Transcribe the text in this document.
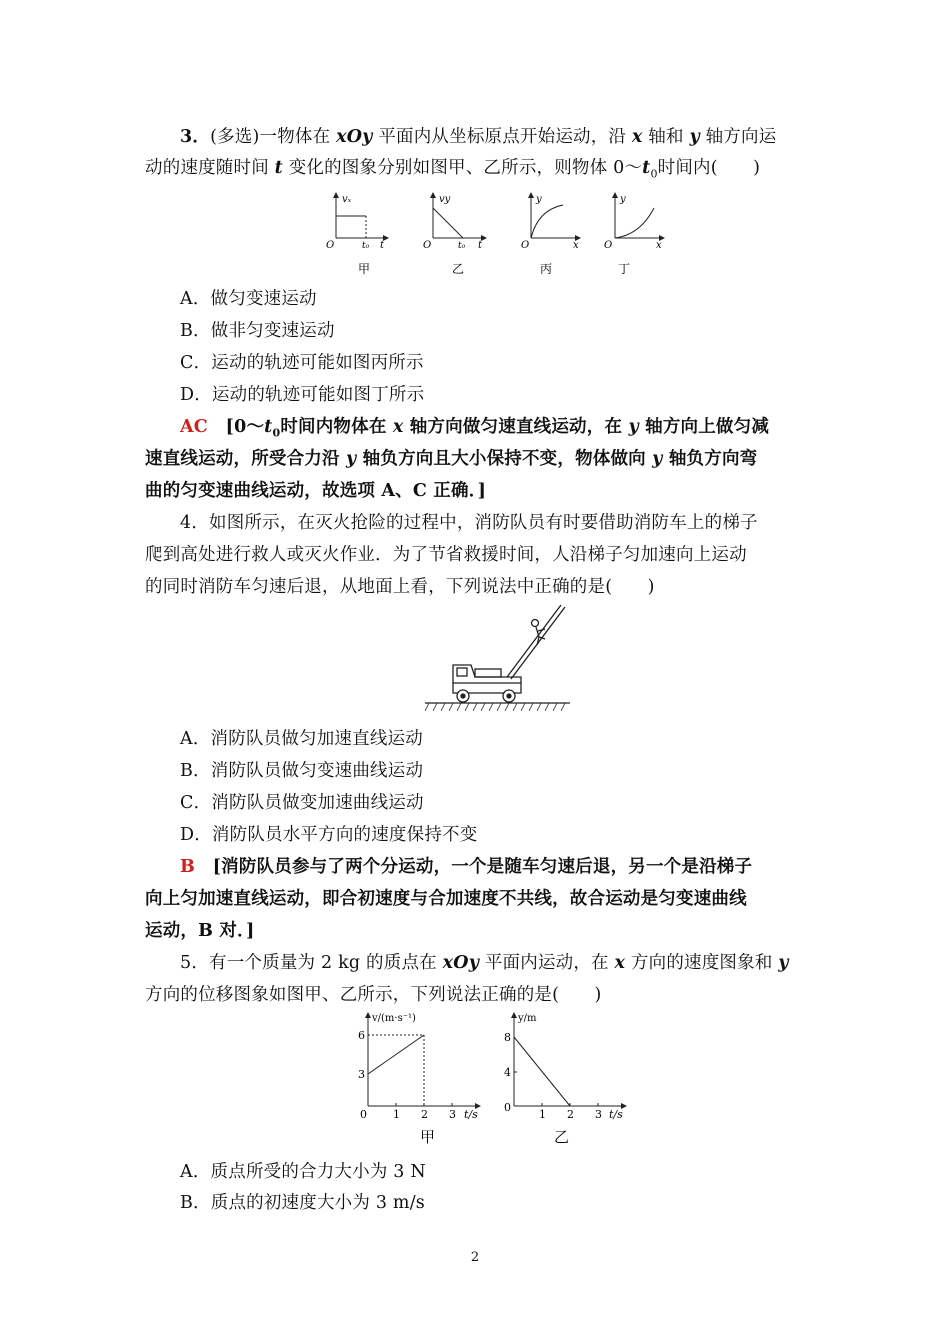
3．(多选)一物体在 xOy 平面内从坐标原点开始运动，沿 x 轴和 y 轴方向运
动的速度随时间 t 变化的图象分别如图甲、乙所示，则物体 $0\sim t_0$时间内(　　)
vₓ
O	t₀ t
甲
vy
O	t₀ t
乙
y
O	x
丙
y
O	x
丁
A．做匀变速运动
B．做非匀变速运动
C．运动的轨迹可能如图丙所示
D．运动的轨迹可能如图丁所示
AC　[$0\sim t_0$时间内物体在 x 轴方向做匀速直线运动，在 y 轴方向上做匀减
速直线运动，所受合力沿 y 轴负方向且大小保持不变，物体做向 y 轴负方向弯
曲的匀变速曲线运动，故选项 A、C 正确．]
4．如图所示，在灭火抢险的过程中，消防队员有时要借助消防车上的梯子
爬到高处进行救人或灭火作业．为了节省救援时间，人沿梯子匀加速向上运动
的同时消防车匀速后退，从地面上看，下列说法中正确的是(　　)
A．消防队员做匀加速直线运动
B．消防队员做匀变速曲线运动
C．消防队员做变加速曲线运动
D．消防队员水平方向的速度保持不变
B　[消防队员参与了两个分运动，一个是随车匀速后退，另一个是沿梯子
向上匀加速直线运动，即合初速度与合加速度不共线，故合运动是匀变速曲线
运动，B 对．]
5．有一个质量为 2 kg 的质点在 xOy 平面内运动，在 x 方向的速度图象和 y
方向的位移图象如图甲、乙所示，下列说法正确的是(　　)
v/(m·s⁻¹)
6
3
0 1 2 3 t/s
甲
y/m
8
4
0
1 2 3 t/s
乙
A．质点所受的合力大小为 3 N
B．质点的初速度大小为 3 m/s
2
